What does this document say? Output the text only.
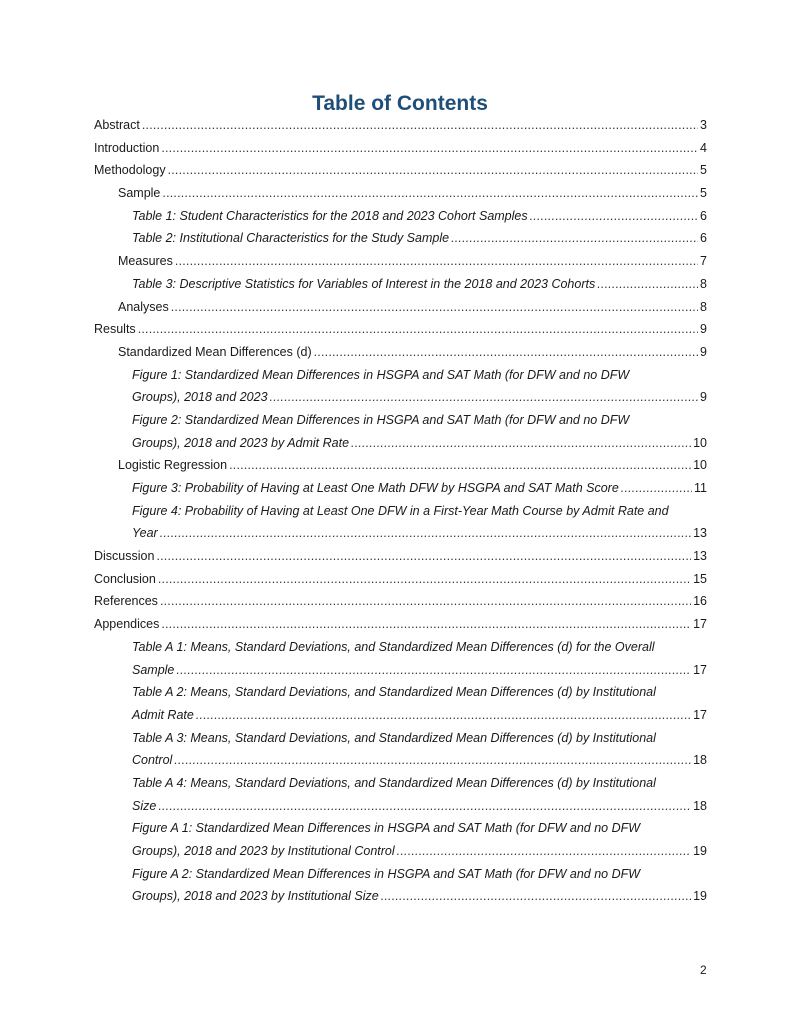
Table of Contents
Abstract .....	3
Introduction .....	4
Methodology .....	5
Sample .....	5
Table 1: Student Characteristics for the 2018 and 2023 Cohort Samples .....	6
Table 2: Institutional Characteristics for the Study Sample .....	6
Measures .....	7
Table 3: Descriptive Statistics for Variables of Interest in the 2018 and 2023 Cohorts .....	8
Analyses .....	8
Results .....	9
Standardized Mean Differences (d) .....	9
Figure 1: Standardized Mean Differences in HSGPA and SAT Math (for DFW and no DFW
Groups), 2018 and 2023 .....	9
Figure 2: Standardized Mean Differences in HSGPA and SAT Math (for DFW and no DFW
Groups), 2018 and 2023 by Admit Rate .....	10
Logistic Regression .....	10
Figure 3: Probability of Having at Least One Math DFW by HSGPA and SAT Math Score .....	11
Figure 4: Probability of Having at Least One DFW in a First-Year Math Course by Admit Rate and
Year .....	13
Discussion .....	13
Conclusion .....	15
References .....	16
Appendices .....	17
Table A 1: Means, Standard Deviations, and Standardized Mean Differences (d) for the Overall
Sample .....	17
Table A 2: Means, Standard Deviations, and Standardized Mean Differences (d) by Institutional
Admit Rate .....	17
Table A 3: Means, Standard Deviations, and Standardized Mean Differences (d) by Institutional
Control .....	18
Table A 4: Means, Standard Deviations, and Standardized Mean Differences (d) by Institutional
Size .....	18
Figure A 1: Standardized Mean Differences in HSGPA and SAT Math (for DFW and no DFW
Groups), 2018 and 2023 by Institutional Control .....	19
Figure A 2: Standardized Mean Differences in HSGPA and SAT Math (for DFW and no DFW
Groups), 2018 and 2023 by Institutional Size .....	19
2
